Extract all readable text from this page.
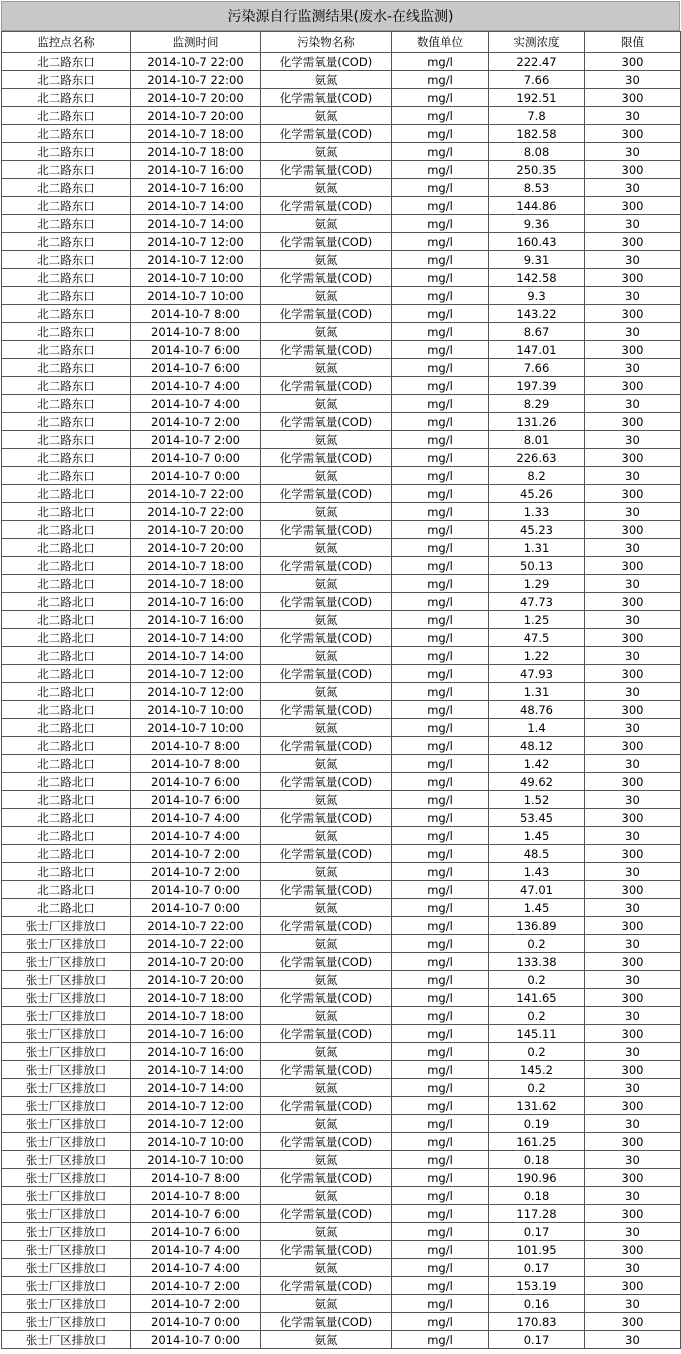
污染源自行监测结果(废水-在线监测)
监控点名称	监测时间	污染物名称	数值单位	实测浓度	限值
北二路东口	2014-10-7 22:00	化学需氧量(COD)	mg/l	222.47	300
北二路东口	2014-10-7 22:00	氨氮	mg/l	7.66	30
北二路东口	2014-10-7 20:00	化学需氧量(COD)	mg/l	192.51	300
北二路东口	2014-10-7 20:00	氨氮	mg/l	7.8	30
北二路东口	2014-10-7 18:00	化学需氧量(COD)	mg/l	182.58	300
北二路东口	2014-10-7 18:00	氨氮	mg/l	8.08	30
北二路东口	2014-10-7 16:00	化学需氧量(COD)	mg/l	250.35	300
北二路东口	2014-10-7 16:00	氨氮	mg/l	8.53	30
北二路东口	2014-10-7 14:00	化学需氧量(COD)	mg/l	144.86	300
北二路东口	2014-10-7 14:00	氨氮	mg/l	9.36	30
北二路东口	2014-10-7 12:00	化学需氧量(COD)	mg/l	160.43	300
北二路东口	2014-10-7 12:00	氨氮	mg/l	9.31	30
北二路东口	2014-10-7 10:00	化学需氧量(COD)	mg/l	142.58	300
北二路东口	2014-10-7 10:00	氨氮	mg/l	9.3	30
北二路东口	2014-10-7 8:00	化学需氧量(COD)	mg/l	143.22	300
北二路东口	2014-10-7 8:00	氨氮	mg/l	8.67	30
北二路东口	2014-10-7 6:00	化学需氧量(COD)	mg/l	147.01	300
北二路东口	2014-10-7 6:00	氨氮	mg/l	7.66	30
北二路东口	2014-10-7 4:00	化学需氧量(COD)	mg/l	197.39	300
北二路东口	2014-10-7 4:00	氨氮	mg/l	8.29	30
北二路东口	2014-10-7 2:00	化学需氧量(COD)	mg/l	131.26	300
北二路东口	2014-10-7 2:00	氨氮	mg/l	8.01	30
北二路东口	2014-10-7 0:00	化学需氧量(COD)	mg/l	226.63	300
北二路东口	2014-10-7 0:00	氨氮	mg/l	8.2	30
北二路北口	2014-10-7 22:00	化学需氧量(COD)	mg/l	45.26	300
北二路北口	2014-10-7 22:00	氨氮	mg/l	1.33	30
北二路北口	2014-10-7 20:00	化学需氧量(COD)	mg/l	45.23	300
北二路北口	2014-10-7 20:00	氨氮	mg/l	1.31	30
北二路北口	2014-10-7 18:00	化学需氧量(COD)	mg/l	50.13	300
北二路北口	2014-10-7 18:00	氨氮	mg/l	1.29	30
北二路北口	2014-10-7 16:00	化学需氧量(COD)	mg/l	47.73	300
北二路北口	2014-10-7 16:00	氨氮	mg/l	1.25	30
北二路北口	2014-10-7 14:00	化学需氧量(COD)	mg/l	47.5	300
北二路北口	2014-10-7 14:00	氨氮	mg/l	1.22	30
北二路北口	2014-10-7 12:00	化学需氧量(COD)	mg/l	47.93	300
北二路北口	2014-10-7 12:00	氨氮	mg/l	1.31	30
北二路北口	2014-10-7 10:00	化学需氧量(COD)	mg/l	48.76	300
北二路北口	2014-10-7 10:00	氨氮	mg/l	1.4	30
北二路北口	2014-10-7 8:00	化学需氧量(COD)	mg/l	48.12	300
北二路北口	2014-10-7 8:00	氨氮	mg/l	1.42	30
北二路北口	2014-10-7 6:00	化学需氧量(COD)	mg/l	49.62	300
北二路北口	2014-10-7 6:00	氨氮	mg/l	1.52	30
北二路北口	2014-10-7 4:00	化学需氧量(COD)	mg/l	53.45	300
北二路北口	2014-10-7 4:00	氨氮	mg/l	1.45	30
北二路北口	2014-10-7 2:00	化学需氧量(COD)	mg/l	48.5	300
北二路北口	2014-10-7 2:00	氨氮	mg/l	1.43	30
北二路北口	2014-10-7 0:00	化学需氧量(COD)	mg/l	47.01	300
北二路北口	2014-10-7 0:00	氨氮	mg/l	1.45	30
张士厂区排放口	2014-10-7 22:00	化学需氧量(COD)	mg/l	136.89	300
张士厂区排放口	2014-10-7 22:00	氨氮	mg/l	0.2	30
张士厂区排放口	2014-10-7 20:00	化学需氧量(COD)	mg/l	133.38	300
张士厂区排放口	2014-10-7 20:00	氨氮	mg/l	0.2	30
张士厂区排放口	2014-10-7 18:00	化学需氧量(COD)	mg/l	141.65	300
张士厂区排放口	2014-10-7 18:00	氨氮	mg/l	0.2	30
张士厂区排放口	2014-10-7 16:00	化学需氧量(COD)	mg/l	145.11	300
张士厂区排放口	2014-10-7 16:00	氨氮	mg/l	0.2	30
张士厂区排放口	2014-10-7 14:00	化学需氧量(COD)	mg/l	145.2	300
张士厂区排放口	2014-10-7 14:00	氨氮	mg/l	0.2	30
张士厂区排放口	2014-10-7 12:00	化学需氧量(COD)	mg/l	131.62	300
张士厂区排放口	2014-10-7 12:00	氨氮	mg/l	0.19	30
张士厂区排放口	2014-10-7 10:00	化学需氧量(COD)	mg/l	161.25	300
张士厂区排放口	2014-10-7 10:00	氨氮	mg/l	0.18	30
张士厂区排放口	2014-10-7 8:00	化学需氧量(COD)	mg/l	190.96	300
张士厂区排放口	2014-10-7 8:00	氨氮	mg/l	0.18	30
张士厂区排放口	2014-10-7 6:00	化学需氧量(COD)	mg/l	117.28	300
张士厂区排放口	2014-10-7 6:00	氨氮	mg/l	0.17	30
张士厂区排放口	2014-10-7 4:00	化学需氧量(COD)	mg/l	101.95	300
张士厂区排放口	2014-10-7 4:00	氨氮	mg/l	0.17	30
张士厂区排放口	2014-10-7 2:00	化学需氧量(COD)	mg/l	153.19	300
张士厂区排放口	2014-10-7 2:00	氨氮	mg/l	0.16	30
张士厂区排放口	2014-10-7 0:00	化学需氧量(COD)	mg/l	170.83	300
张士厂区排放口	2014-10-7 0:00	氨氮	mg/l	0.17	30
